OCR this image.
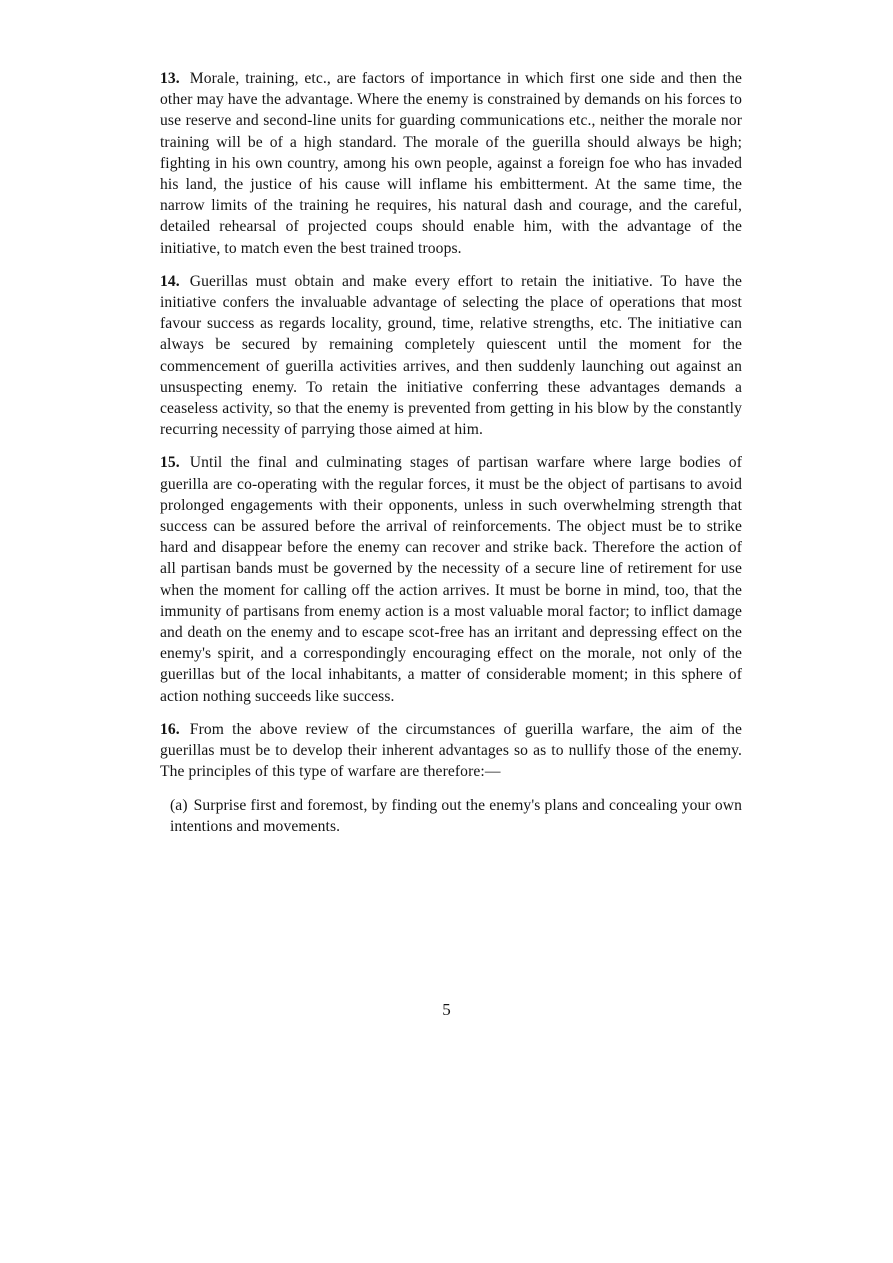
13. Morale, training, etc., are factors of importance in which first one side and then the other may have the advantage. Where the enemy is constrained by demands on his forces to use reserve and second-line units for guarding communications etc., neither the morale nor training will be of a high standard. The morale of the guerilla should always be high; fighting in his own country, among his own people, against a foreign foe who has invaded his land, the justice of his cause will inflame his embitterment. At the same time, the narrow limits of the training he requires, his natural dash and courage, and the careful, detailed rehearsal of projected coups should enable him, with the advantage of the initiative, to match even the best trained troops.

14. Guerillas must obtain and make every effort to retain the initiative. To have the initiative confers the invaluable advantage of selecting the place of operations that most favour success as regards locality, ground, time, relative strengths, etc. The initiative can always be secured by remaining completely quiescent until the moment for the commencement of guerilla activities arrives, and then suddenly launching out against an unsuspecting enemy. To retain the initiative conferring these advantages demands a ceaseless activity, so that the enemy is prevented from getting in his blow by the constantly recurring necessity of parrying those aimed at him.

15. Until the final and culminating stages of partisan warfare where large bodies of guerilla are co-operating with the regular forces, it must be the object of partisans to avoid prolonged engagements with their opponents, unless in such overwhelming strength that success can be assured before the arrival of reinforcements. The object must be to strike hard and disappear before the enemy can recover and strike back. Therefore the action of all partisan bands must be governed by the necessity of a secure line of retirement for use when the moment for calling off the action arrives. It must be borne in mind, too, that the immunity of partisans from enemy action is a most valuable moral factor; to inflict damage and death on the enemy and to escape scot-free has an irritant and depressing effect on the enemy's spirit, and a correspondingly encouraging effect on the morale, not only of the guerillas but of the local inhabitants, a matter of considerable moment; in this sphere of action nothing succeeds like success.

16. From the above review of the circumstances of guerilla warfare, the aim of the guerillas must be to develop their inherent advantages so as to nullify those of the enemy. The principles of this type of warfare are therefore:—

(a) Surprise first and foremost, by finding out the enemy's plans and concealing your own intentions and movements.

5
